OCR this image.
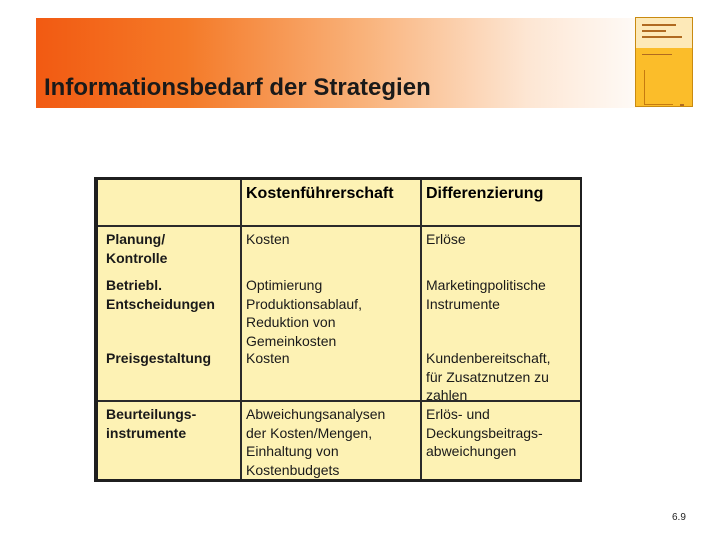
Informationsbedarf der Strategien
Kostenführerschaft Differenzierung
Planung/
Kontrolle
Kosten	Erlöse
Betriebl.
Entscheidungen
Optimierung
Produktionsablauf,
Reduktion von
Gemeinkosten
Marketingpolitische
Instrumente
Preisgestaltung Kosten	Kundenbereitschaft,
für Zusatznutzen zu
zahlen
Beurteilungs-
instrumente
Abweichungsanalysen
der Kosten/Mengen,
Einhaltung von
Kostenbudgets
Erlös- und
Deckungsbeitrags-
abweichungen
6.9
